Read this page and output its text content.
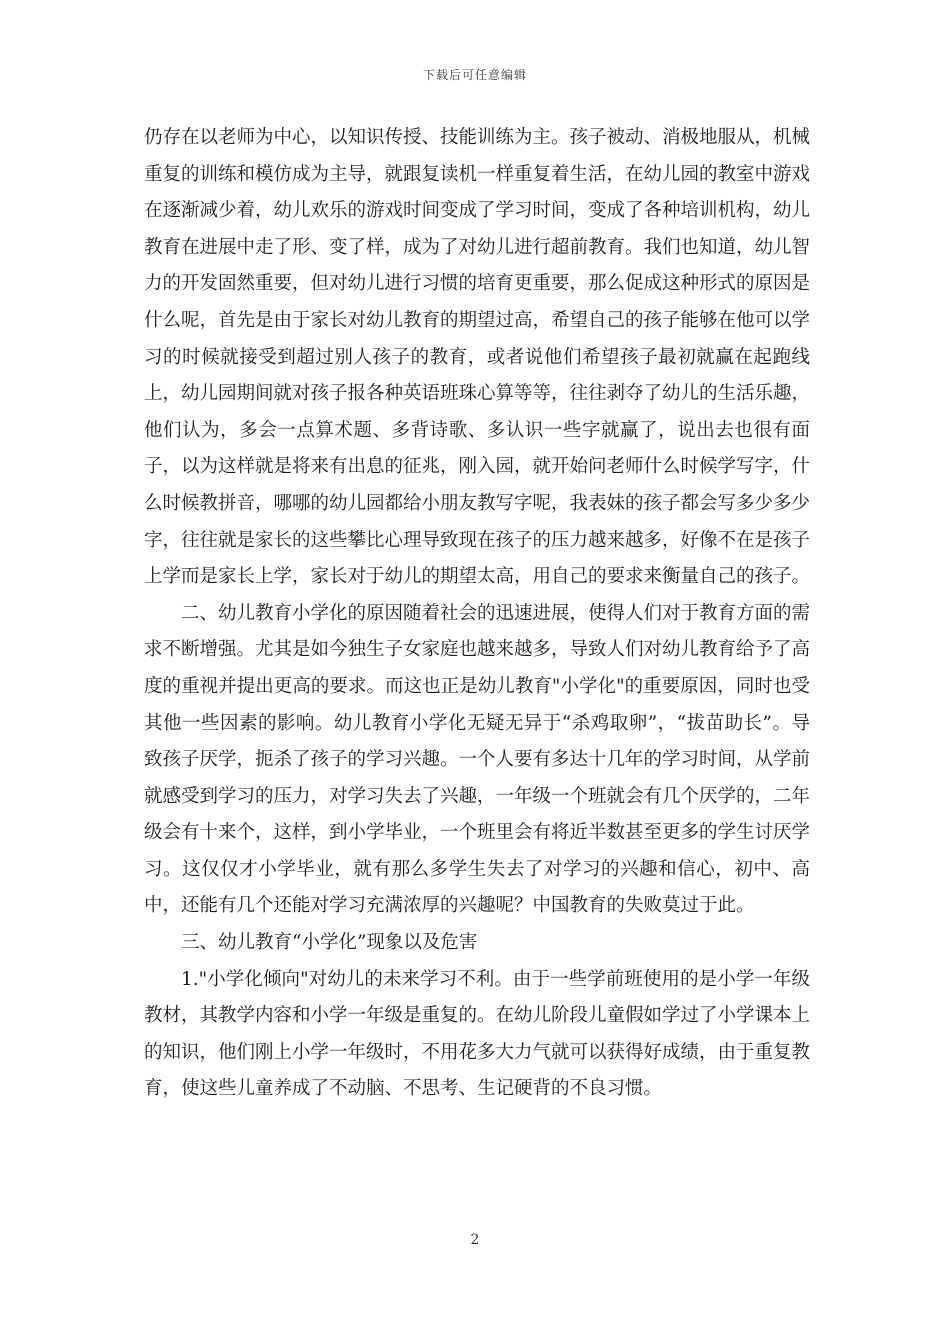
下载后可任意编辑

仍存在以老师为中心，以知识传授、技能训练为主。孩子被动、消极地服从，机械重复的训练和模仿成为主导，就跟复读机一样重复着生活，在幼儿园的教室中游戏在逐渐减少着，幼儿欢乐的游戏时间变成了学习时间，变成了各种培训机构，幼儿教育在进展中走了形、变了样，成为了对幼儿进行超前教育。我们也知道，幼儿智力的开发固然重要，但对幼儿进行习惯的培育更重要，那么促成这种形式的原因是什么呢，首先是由于家长对幼儿教育的期望过高，希望自己的孩子能够在他可以学习的时候就接受到超过别人孩子的教育，或者说他们希望孩子最初就赢在起跑线上，幼儿园期间就对孩子报各种英语班珠心算等等，往往剥夺了幼儿的生活乐趣，他们认为，多会一点算术题、多背诗歌、多认识一些字就赢了，说出去也很有面子，以为这样就是将来有出息的征兆，刚入园，就开始问老师什么时候学写字，什么时候教拼音，哪哪的幼儿园都给小朋友教写字呢，我表妹的孩子都会写多少多少字，往往就是家长的这些攀比心理导致现在孩子的压力越来越多，好像不在是孩子上学而是家长上学，家长对于幼儿的期望太高，用自己的要求来衡量自己的孩子。

二、幼儿教育小学化的原因随着社会的迅速进展，使得人们对于教育方面的需求不断增强。尤其是如今独生子女家庭也越来越多，导致人们对幼儿教育给予了高度的重视并提出更高的要求。而这也正是幼儿教育"小学化"的重要原因，同时也受其他一些因素的影响。幼儿教育小学化无疑无异于“杀鸡取卵”，“拔苗助长”。导致孩子厌学，扼杀了孩子的学习兴趣。一个人要有多达十几年的学习时间，从学前就感受到学习的压力，对学习失去了兴趣，一年级一个班就会有几个厌学的，二年级会有十来个，这样，到小学毕业，一个班里会有将近半数甚至更多的学生讨厌学习。这仅仅才小学毕业，就有那么多学生失去了对学习的兴趣和信心，初中、高中，还能有几个还能对学习充满浓厚的兴趣呢？中国教育的失败莫过于此。

三、幼儿教育“小学化”现象以及危害

1."小学化倾向"对幼儿的未来学习不利。由于一些学前班使用的是小学一年级教材，其教学内容和小学一年级是重复的。在幼儿阶段儿童假如学过了小学课本上的知识，他们刚上小学一年级时，不用花多大力气就可以获得好成绩，由于重复教育，使这些儿童养成了不动脑、不思考、生记硬背的不良习惯。

2
